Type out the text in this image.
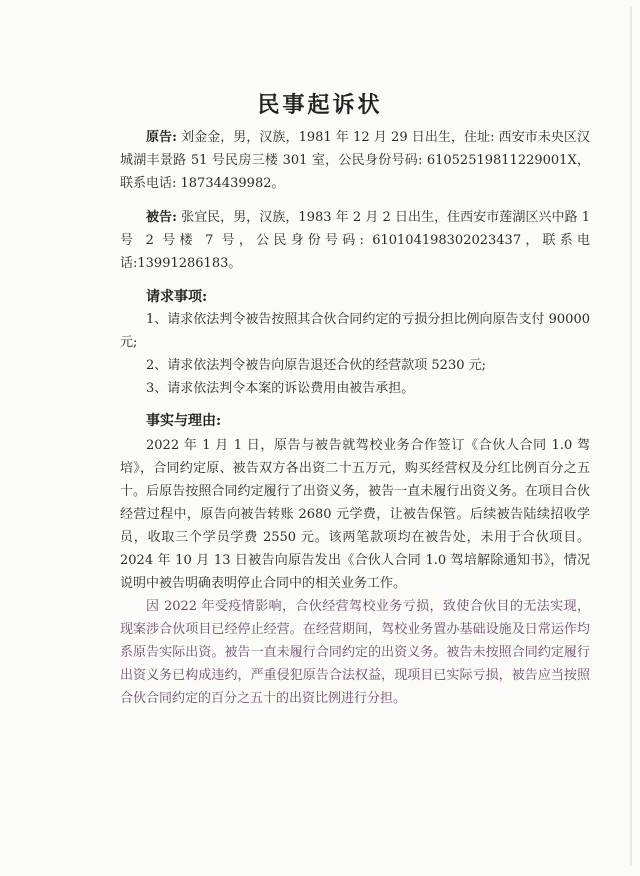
民事起诉状
原告: 刘金金，男，汉族，1981 年 12 月 29 日出生，住址: 西安市未央区汉城湖丰景路 51 号民房三楼 301 室，公民身份号码: 61052519811229001X，联系电话: 18734439982。
被告: 张宜民，男，汉族，1983 年 2 月 2 日出生，住西安市莲湖区兴中路 1 号 2 号楼 7 号，公民身份号码: 610104198302023437，联系电话:13991286183。
请求事项:
1、请求依法判令被告按照其合伙合同约定的亏损分担比例向原告支付 90000 元;
2、请求依法判令被告向原告退还合伙的经营款项 5230 元;
3、请求依法判令本案的诉讼费用由被告承担。
事实与理由:
2022 年 1 月 1 日，原告与被告就驾校业务合作签订《合伙人合同 1.0 驾培》，合同约定原、被告双方各出资二十五万元，购买经营权及分红比例百分之五十。后原告按照合同约定履行了出资义务，被告一直未履行出资义务。在项目合伙经营过程中，原告向被告转账 2680 元学费，让被告保管。后续被告陆续招收学员，收取三个学员学费 2550 元。该两笔款项均在被告处，未用于合伙项目。2024 年 10 月 13 日被告向原告发出《合伙人合同 1.0 驾培解除通知书》，情况说明中被告明确表明停止合同中的相关业务工作。
因 2022 年受疫情影响，合伙经营驾校业务亏损，致使合伙目的无法实现，现案涉合伙项目已经停止经营。在经营期间，驾校业务置办基础设施及日常运作均系原告实际出资。被告一直未履行合同约定的出资义务。被告未按照合同约定履行出资义务已构成违约，严重侵犯原告合法权益，现项目已实际亏损，被告应当按照合伙合同约定的百分之五十的出资比例进行分担。
